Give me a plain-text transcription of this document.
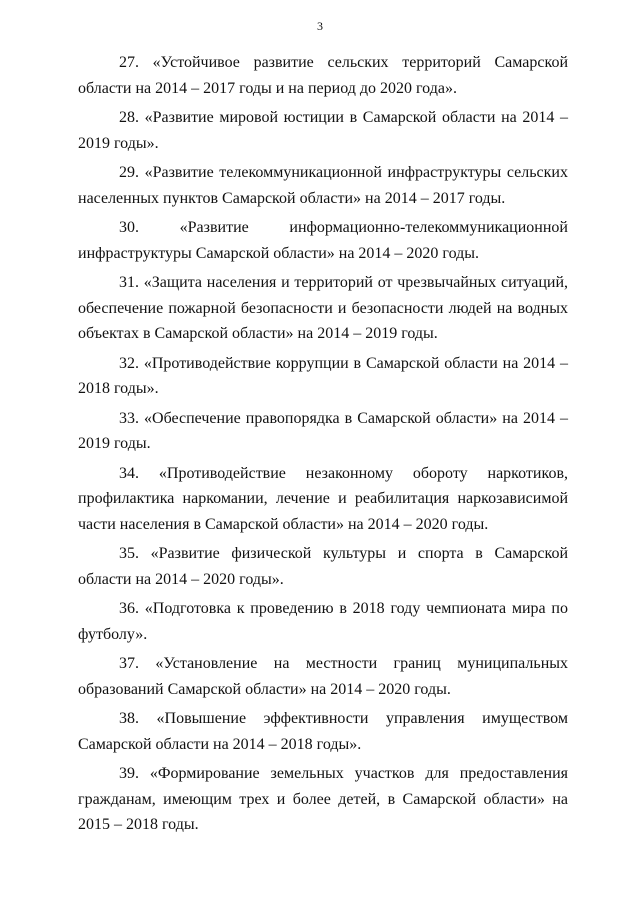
3

27. «Устойчивое развитие сельских территорий Самарской области на 2014 – 2017 годы и на период до 2020 года».

28. «Развитие мировой юстиции в Самарской области на 2014 – 2019 годы».

29. «Развитие телекоммуникационной инфраструктуры сельских населенных пунктов Самарской области» на 2014 – 2017 годы.

30. «Развитие информационно-телекоммуникационной инфраструктуры Самарской области» на 2014 – 2020 годы.

31. «Защита населения и территорий от чрезвычайных ситуаций, обеспечение пожарной безопасности и безопасности людей на водных объектах в Самарской области» на 2014 – 2019 годы.

32. «Противодействие коррупции в Самарской области на 2014 – 2018 годы».

33. «Обеспечение правопорядка в Самарской области» на 2014 – 2019 годы.

34. «Противодействие незаконному обороту наркотиков, профилактика наркомании, лечение и реабилитация наркозависимой части населения в Самарской области» на 2014 – 2020 годы.

35. «Развитие физической культуры и спорта в Самарской области на 2014 – 2020 годы».

36. «Подготовка к проведению в 2018 году чемпионата мира по футболу».

37. «Установление на местности границ муниципальных образований Самарской области» на 2014 – 2020 годы.

38. «Повышение эффективности управления имуществом Самарской области на 2014 – 2018 годы».

39. «Формирование земельных участков для предоставления гражданам, имеющим трех и более детей, в Самарской области» на 2015 – 2018 годы.
